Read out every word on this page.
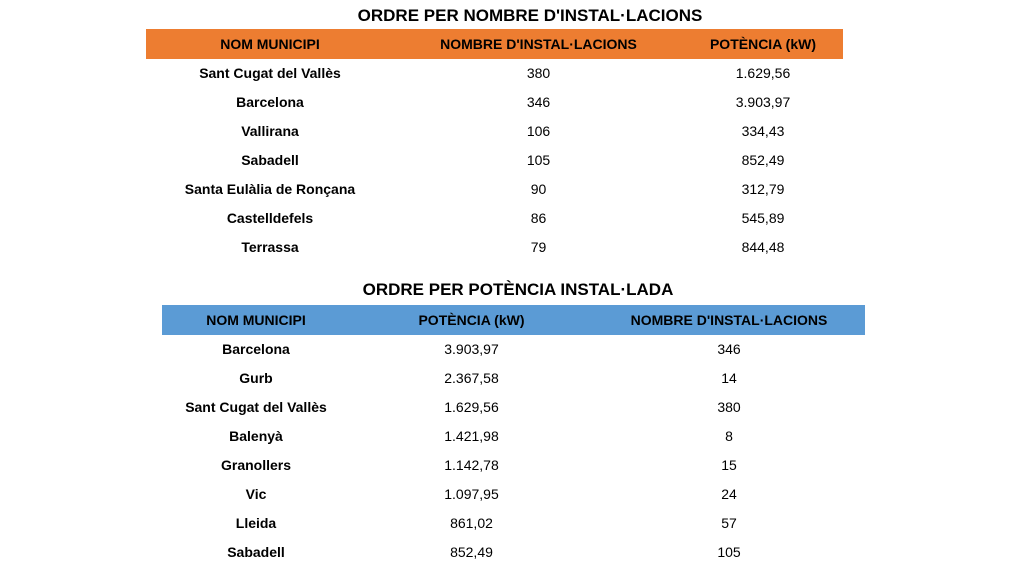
ORDRE PER NOMBRE D'INSTAL·LACIONS
NOM MUNICIPI	NOMBRE D'INSTAL·LACIONS	POTÈNCIA (kW)
Sant Cugat del Vallès	380	1.629,56
Barcelona	346	3.903,97
Vallirana	106	334,43
Sabadell	105	852,49
Santa Eulàlia de Ronçana	90	312,79
Castelldefels	86	545,89
Terrassa	79	844,48
ORDRE PER POTÈNCIA INSTAL·LADA
NOM MUNICIPI	POTÈNCIA (kW)	NOMBRE D'INSTAL·LACIONS
Barcelona	3.903,97	346
Gurb	2.367,58	14
Sant Cugat del Vallès	1.629,56	380
Balenyà	1.421,98	8
Granollers	1.142,78	15
Vic	1.097,95	24
Lleida	861,02	57
Sabadell	852,49	105
